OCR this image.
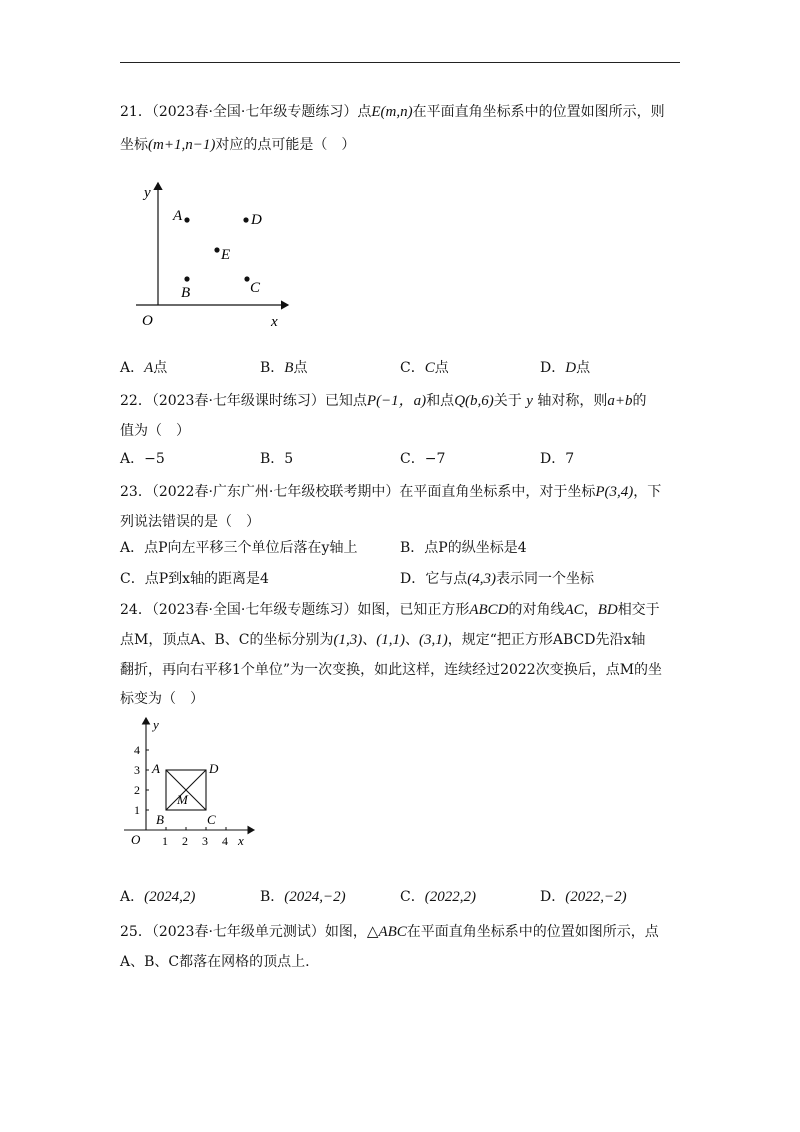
21．（2023春·全国·七年级专题练习）点E(m,n)在平面直角坐标系中的位置如图所示，则
坐标(m+1,n−1)对应的点可能是（　）
y
x
O
A	D
E
B	C
A．A点	B．B点	C．C点	D．D点
22．（2023春·七年级课时练习）已知点P(−1，a)和点Q(b,6)关于 y 轴对称，则a+b的
值为（　）
A．−5	B．5	C．−7	D．7
23．（2022春·广东广州·七年级校联考期中）在平面直角坐标系中，对于坐标P(3,4)，下
列说法错误的是（　）
A．点P向左平移三个单位后落在y轴上	B．点P的纵坐标是4
C．点P到x轴的距离是4	D．它与点(4,3)表示同一个坐标
24．（2023春·全国·七年级专题练习）如图，已知正方形ABCD的对角线AC，BD相交于
点M，顶点A、B、C的坐标分别为(1,3)、(1,1)、(3,1)，规定“把正方形ABCD先沿x轴
翻折，再向右平移1个单位”为一次变换，如此这样，连续经过2022次变换后，点M的坐
标变为（　）
y
x
O 1 2 3 4
1
2
3
4
A	D
B	C
M
A．(2024,2)	B．(2024,−2)	C．(2022,2)	D．(2022,−2)
25．（2023春·七年级单元测试）如图，△ABC在平面直角坐标系中的位置如图所示，点
A、B、C都落在网格的顶点上.
